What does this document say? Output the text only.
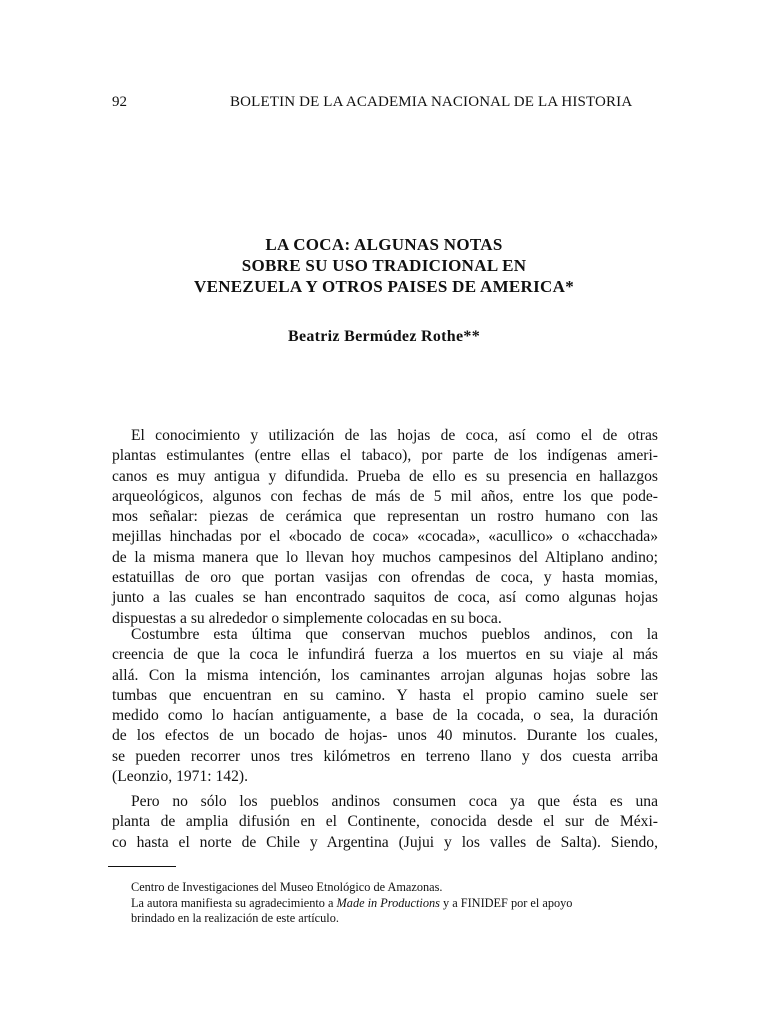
92	BOLETIN DE LA ACADEMIA NACIONAL DE LA HISTORIA
LA COCA: ALGUNAS NOTAS
SOBRE SU USO TRADICIONAL EN
VENEZUELA Y OTROS PAISES DE AMERICA*
Beatriz Bermúdez Rothe**
El conocimiento y utilización de las hojas de coca, así como el de otras
plantas estimulantes (entre ellas el tabaco), por parte de los indígenas ameri-
canos es muy antigua y difundida. Prueba de ello es su presencia en hallazgos
arqueológicos, algunos con fechas de más de 5 mil años, entre los que pode-
mos señalar: piezas de cerámica que representan un rostro humano con las
mejillas hinchadas por el «bocado de coca» «cocada», «acullico» o «chacchada»
de la misma manera que lo llevan hoy muchos campesinos del Altiplano andino;
estatuillas de oro que portan vasijas con ofrendas de coca, y hasta momias,
junto a las cuales se han encontrado saquitos de coca, así como algunas hojas
dispuestas a su alrededor o simplemente colocadas en su boca.
Costumbre esta última que conservan muchos pueblos andinos, con la
creencia de que la coca le infundirá fuerza a los muertos en su viaje al más
allá. Con la misma intención, los caminantes arrojan algunas hojas sobre las
tumbas que encuentran en su camino. Y hasta el propio camino suele ser
medido como lo hacían antiguamente, a base de la cocada, o sea, la duración
de los efectos de un bocado de hojas- unos 40 minutos. Durante los cuales,
se pueden recorrer unos tres kilómetros en terreno llano y dos cuesta arriba
(Leonzio, 1971: 142).
Pero no sólo los pueblos andinos consumen coca ya que ésta es una
planta de amplia difusión en el Continente, conocida desde el sur de Méxi-
co hasta el norte de Chile y Argentina (Jujui y los valles de Salta). Siendo,
Centro de Investigaciones del Museo Etnológico de Amazonas.
La autora manifiesta su agradecimiento a Made in Productions y a FINIDEF por el apoyo
brindado en la realización de este artículo.
